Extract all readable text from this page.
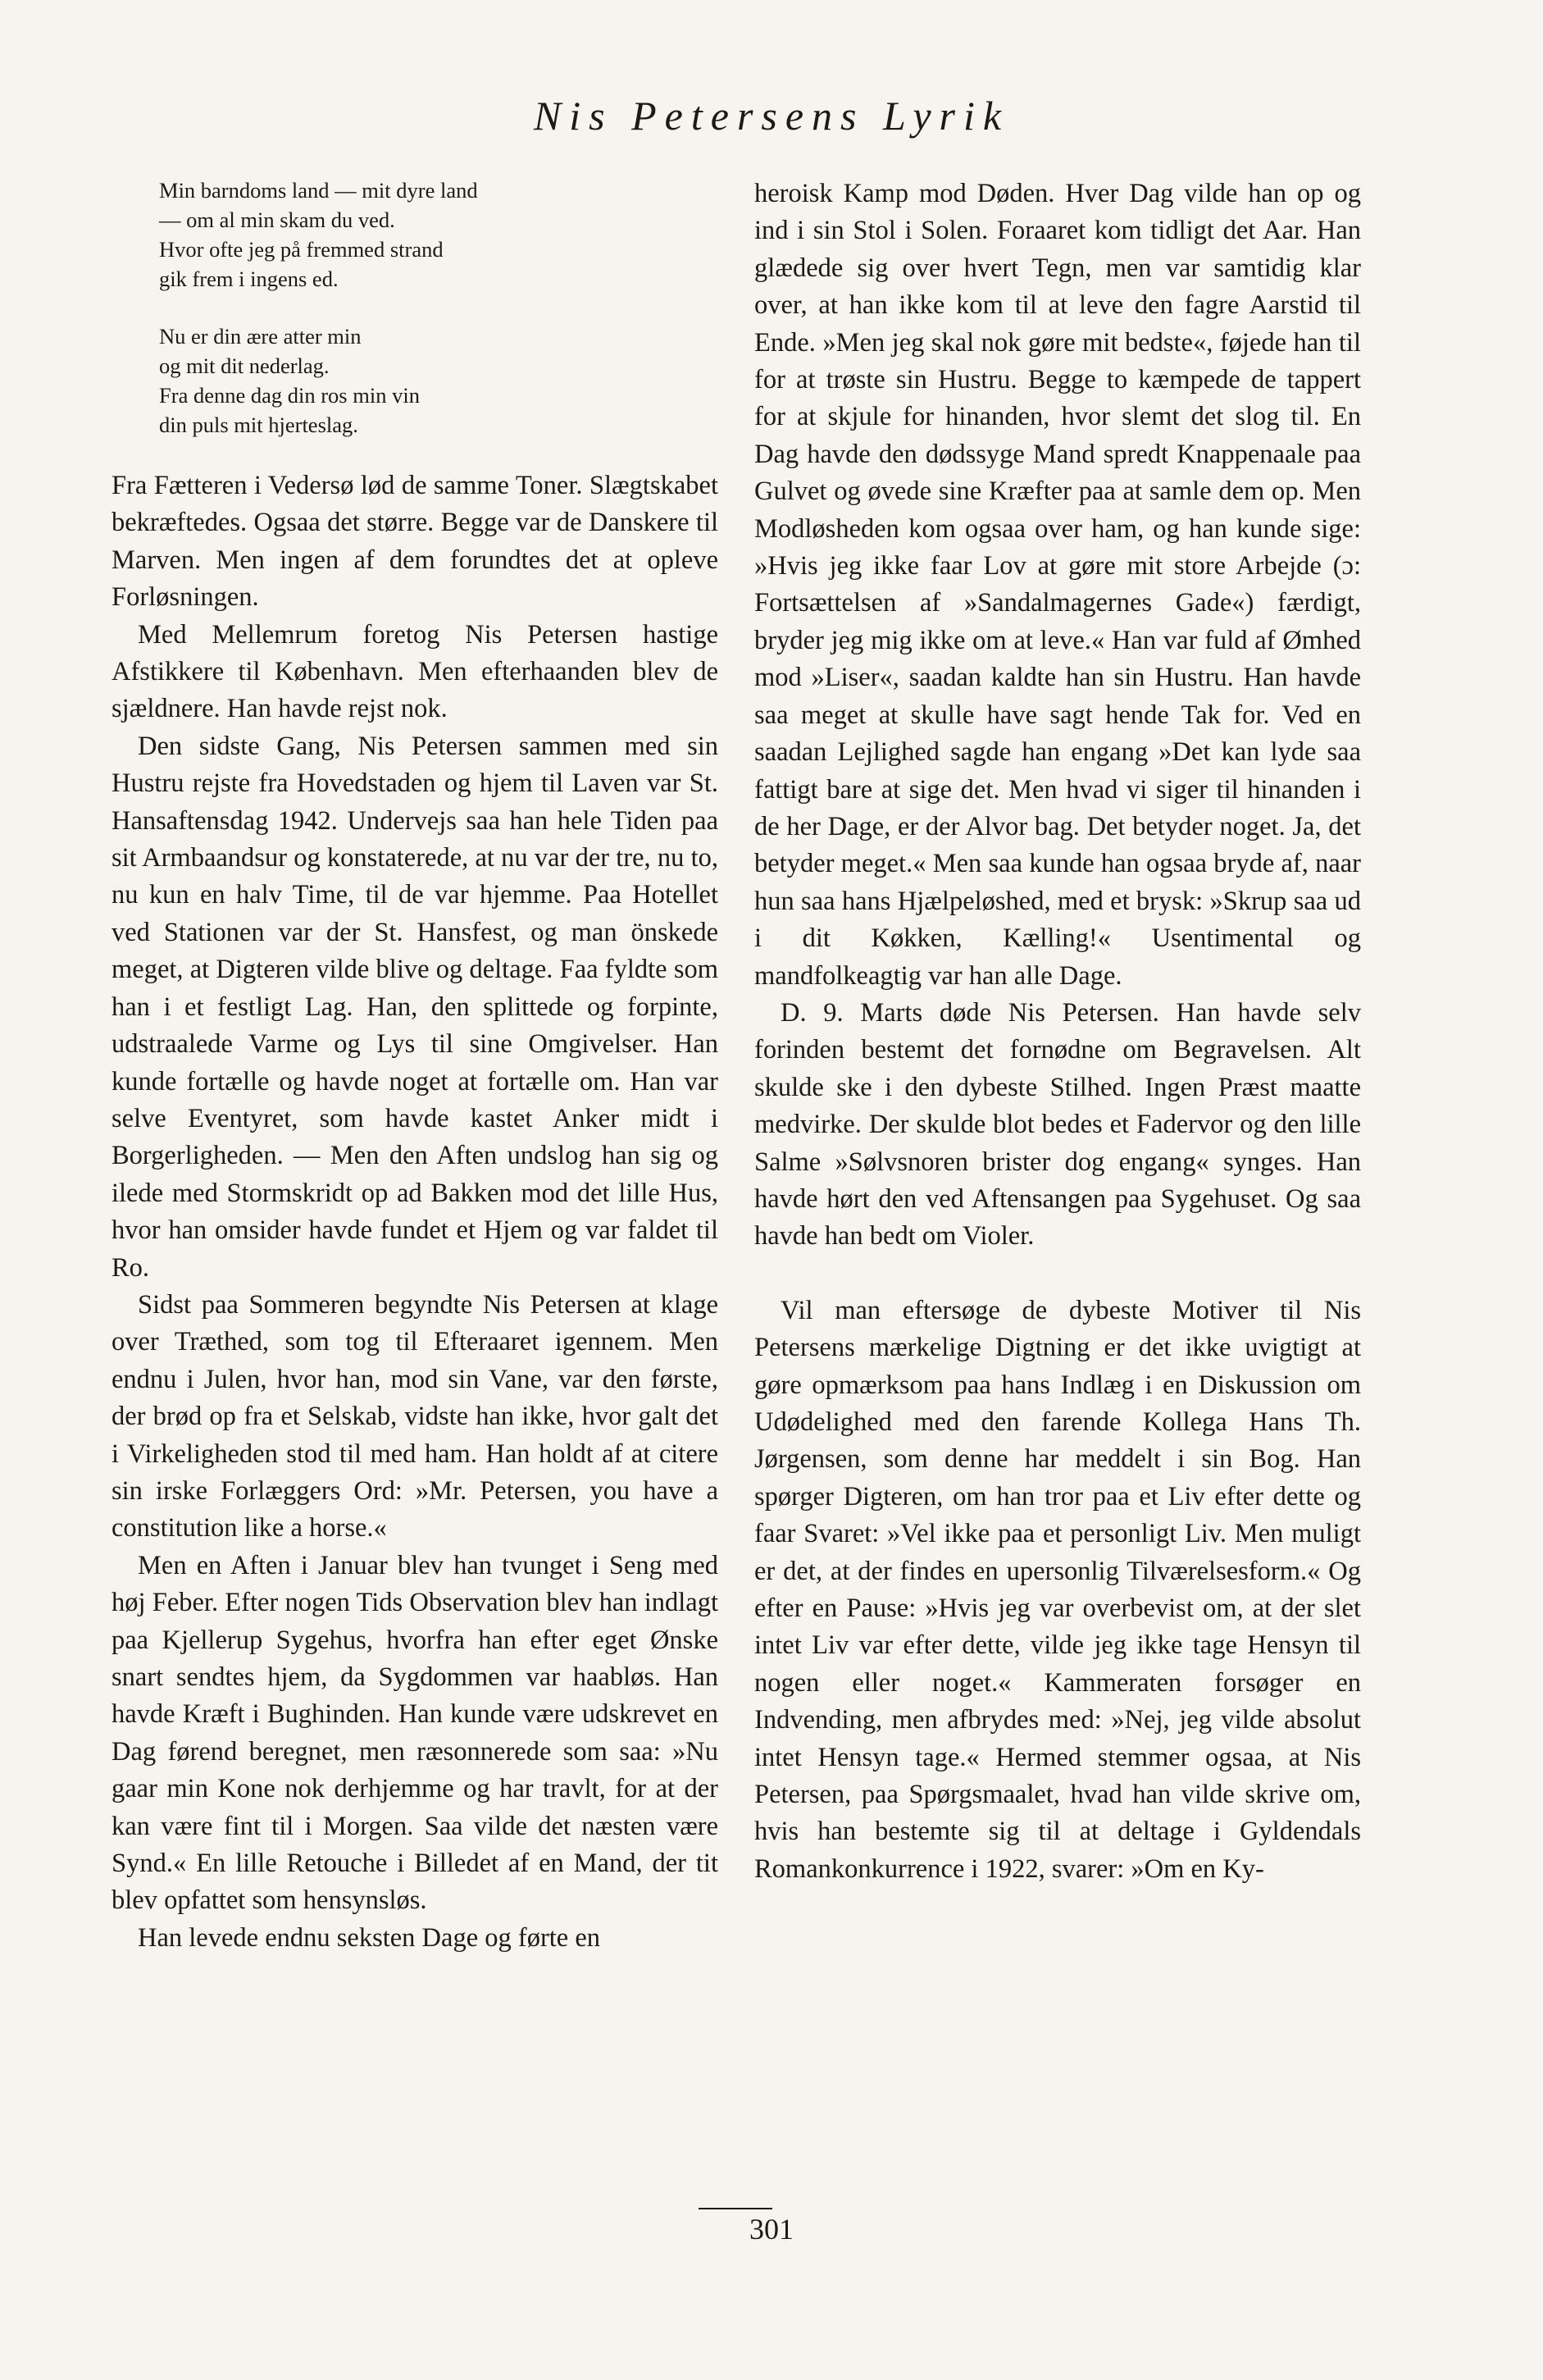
Nis Petersens Lyrik
Min barndoms land — mit dyre land
— om al min skam du ved.
Hvor ofte jeg på fremmed strand
gik frem i ingens ed.
Nu er din ære atter min
og mit dit nederlag.
Fra denne dag din ros min vin
din puls mit hjerteslag.

Fra Fætteren i Vedersø lød de samme Toner. Slægtskabet bekræftedes. Ogsaa det større. Begge var de Danskere til Marven. Men ingen af dem forundtes det at opleve Forløsningen.

Med Mellemrum foretog Nis Petersen hastige Afstikkere til København. Men efterhaanden blev de sjældnere. Han havde rejst nok.

Den sidste Gang, Nis Petersen sammen med sin Hustru rejste fra Hovedstaden og hjem til Laven var St. Hansaftensdag 1942. Undervejs saa han hele Tiden paa sit Armbaandsur og konstaterede, at nu var der tre, nu to, nu kun en halv Time, til de var hjemme. Paa Hotellet ved Stationen var der St. Hansfest, og man önskede meget, at Digteren vilde blive og deltage. Faa fyldte som han i et festligt Lag. Han, den splittede og forpinte, udstraalede Varme og Lys til sine Omgivelser. Han kunde fortælle og havde noget at fortælle om. Han var selve Eventyret, som havde kastet Anker midt i Borgerligheden. — Men den Aften undslog han sig og ilede med Stormskridt op ad Bakken mod det lille Hus, hvor han omsider havde fundet et Hjem og var faldet til Ro.

Sidst paa Sommeren begyndte Nis Petersen at klage over Træthed, som tog til Efteraaret igennem. Men endnu i Julen, hvor han, mod sin Vane, var den første, der brød op fra et Selskab, vidste han ikke, hvor galt det i Virkeligheden stod til med ham. Han holdt af at citere sin irske Forlæggers Ord: »Mr. Petersen, you have a constitution like a horse.«

Men en Aften i Januar blev han tvunget i Seng med høj Feber. Efter nogen Tids Observation blev han indlagt paa Kjellerup Sygehus, hvorfra han efter eget Ønske snart sendtes hjem, da Sygdommen var haabløs. Han havde Kræft i Bughinden. Han kunde være udskrevet en Dag førend beregnet, men ræsonnerede som saa: »Nu gaar min Kone nok derhjemme og har travlt, for at der kan være fint til i Morgen. Saa vilde det næsten være Synd.« En lille Retouche i Billedet af en Mand, der tit blev opfattet som hensynsløs.

Han levede endnu seksten Dage og førte en

heroisk Kamp mod Døden. Hver Dag vilde han op og ind i sin Stol i Solen. Foraaret kom tidligt det Aar. Han glædede sig over hvert Tegn, men var samtidig klar over, at han ikke kom til at leve den fagre Aarstid til Ende. »Men jeg skal nok gøre mit bedste«, føjede han til for at trøste sin Hustru. Begge to kæmpede de tappert for at skjule for hinanden, hvor slemt det slog til. En Dag havde den dødssyge Mand spredt Knappenaale paa Gulvet og øvede sine Kræfter paa at samle dem op. Men Modløsheden kom ogsaa over ham, og han kunde sige: »Hvis jeg ikke faar Lov at gøre mit store Arbejde (ɔ: Fortsættelsen af »Sandalmagernes Gade«) færdigt, bryder jeg mig ikke om at leve.« Han var fuld af Ømhed mod »Liser«, saadan kaldte han sin Hustru. Han havde saa meget at skulle have sagt hende Tak for. Ved en saadan Lejlighed sagde han engang »Det kan lyde saa fattigt bare at sige det. Men hvad vi siger til hinanden i de her Dage, er der Alvor bag. Det betyder noget. Ja, det betyder meget.« Men saa kunde han ogsaa bryde af, naar hun saa hans Hjælpeløshed, med et brysk: »Skrup saa ud i dit Køkken, Kælling!« Usentimental og mandfolkeagtig var han alle Dage.

D. 9. Marts døde Nis Petersen. Han havde selv forinden bestemt det fornødne om Begravelsen. Alt skulde ske i den dybeste Stilhed. Ingen Præst maatte medvirke. Der skulde blot bedes et Fadervor og den lille Salme »Sølvsnoren brister dog engang« synges. Han havde hørt den ved Aftensangen paa Sygehuset. Og saa havde han bedt om Violer.

Vil man eftersøge de dybeste Motiver til Nis Petersens mærkelige Digtning er det ikke uvigtigt at gøre opmærksom paa hans Indlæg i en Diskussion om Udødelighed med den farende Kollega Hans Th. Jørgensen, som denne har meddelt i sin Bog. Han spørger Digteren, om han tror paa et Liv efter dette og faar Svaret: »Vel ikke paa et personligt Liv. Men muligt er det, at der findes en upersonlig Tilværelsesform.« Og efter en Pause: »Hvis jeg var overbevist om, at der slet intet Liv var efter dette, vilde jeg ikke tage Hensyn til nogen eller noget.« Kammeraten forsøger en Indvending, men afbrydes med: »Nej, jeg vilde absolut intet Hensyn tage.« Hermed stemmer ogsaa, at Nis Petersen, paa Spørgsmaalet, hvad han vilde skrive om, hvis han bestemte sig til at deltage i Gyldendals Romankonkurrence i 1922, svarer: »Om en Ky-

301
